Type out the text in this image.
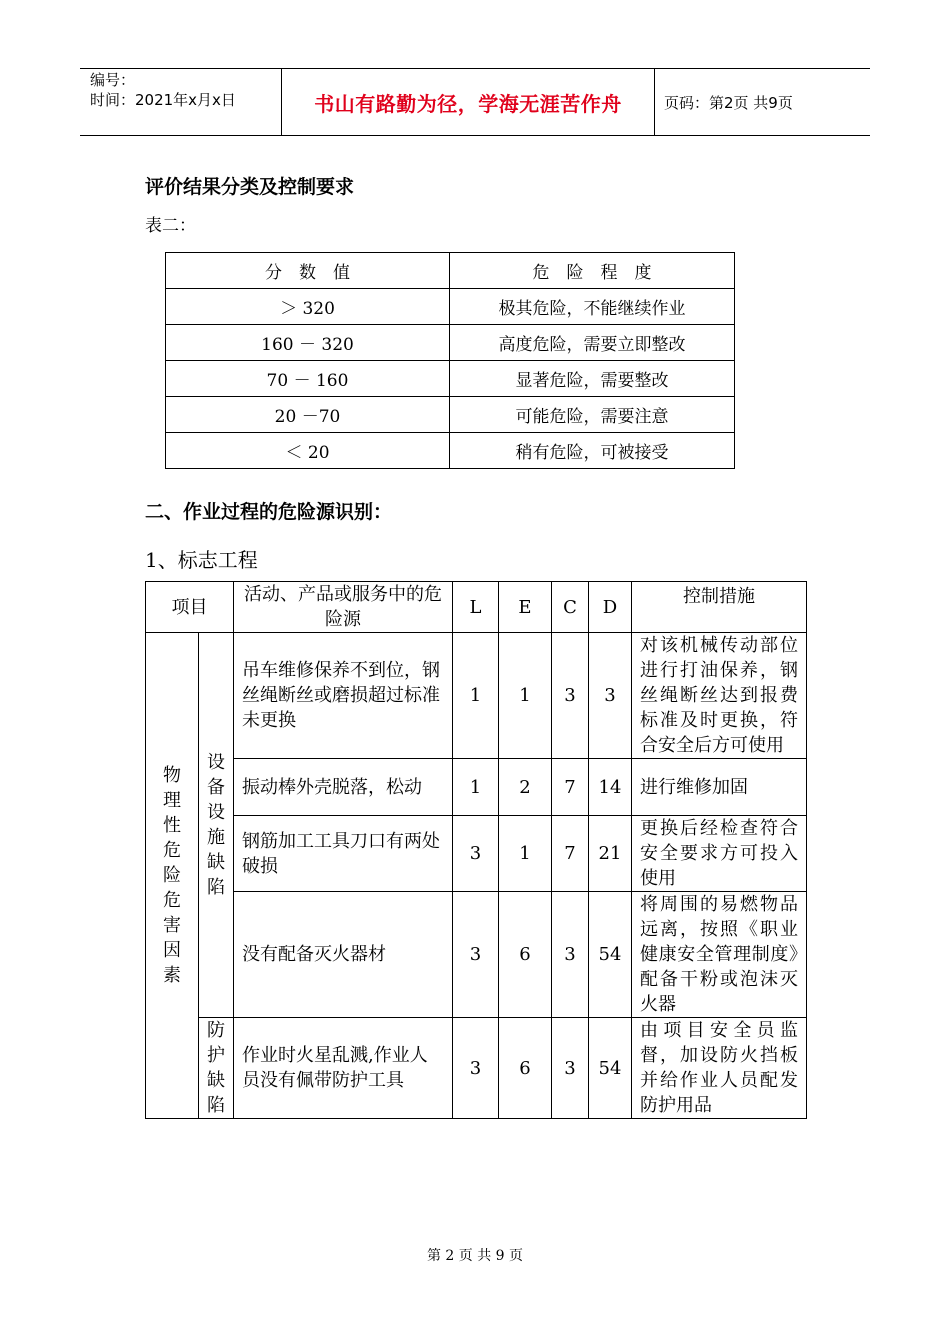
编号：
时间：2021年x月x日	书山有路勤为径，学海无涯苦作舟	页码：第2页 共9页
评价结果分类及控制要求
表二：
分　数　值	危　险　程　度
＞ 320	极其危险，不能继续作业
160 － 320	高度危险，需要立即整改
70 － 160	显著危险，需要整改
20 －70	可能危险，需要注意
＜ 20	稍有危险，可被接受
二、作业过程的危险源识别：
1、标志工程
项目		活动、产品或服务中的危险源	L	E	C	D	控制措施
物理性危险危害因素	设备设施缺陷	吊车维修保养不到位，钢丝绳断丝或磨损超过标准未更换	1	1	3	3	对该机械传动部位进行打油保养，钢丝绳断丝达到报费标准及时更换，符合安全后方可使用
		振动棒外壳脱落，松动	1	2	7	14	进行维修加固
		钢筋加工工具刀口有两处破损	3	1	7	21	更换后经检查符合安全要求方可投入使用
		没有配备灭火器材	3	6	3	54	将周围的易燃物品远离，按照《职业健康安全管理制度》配备干粉或泡沫灭火器
	防护缺陷	作业时火星乱溅,作业人员没有佩带防护工具	3	6	3	54	由项目安全员监督，加设防火挡板并给作业人员配发防护用品
第 2 页 共 9 页
